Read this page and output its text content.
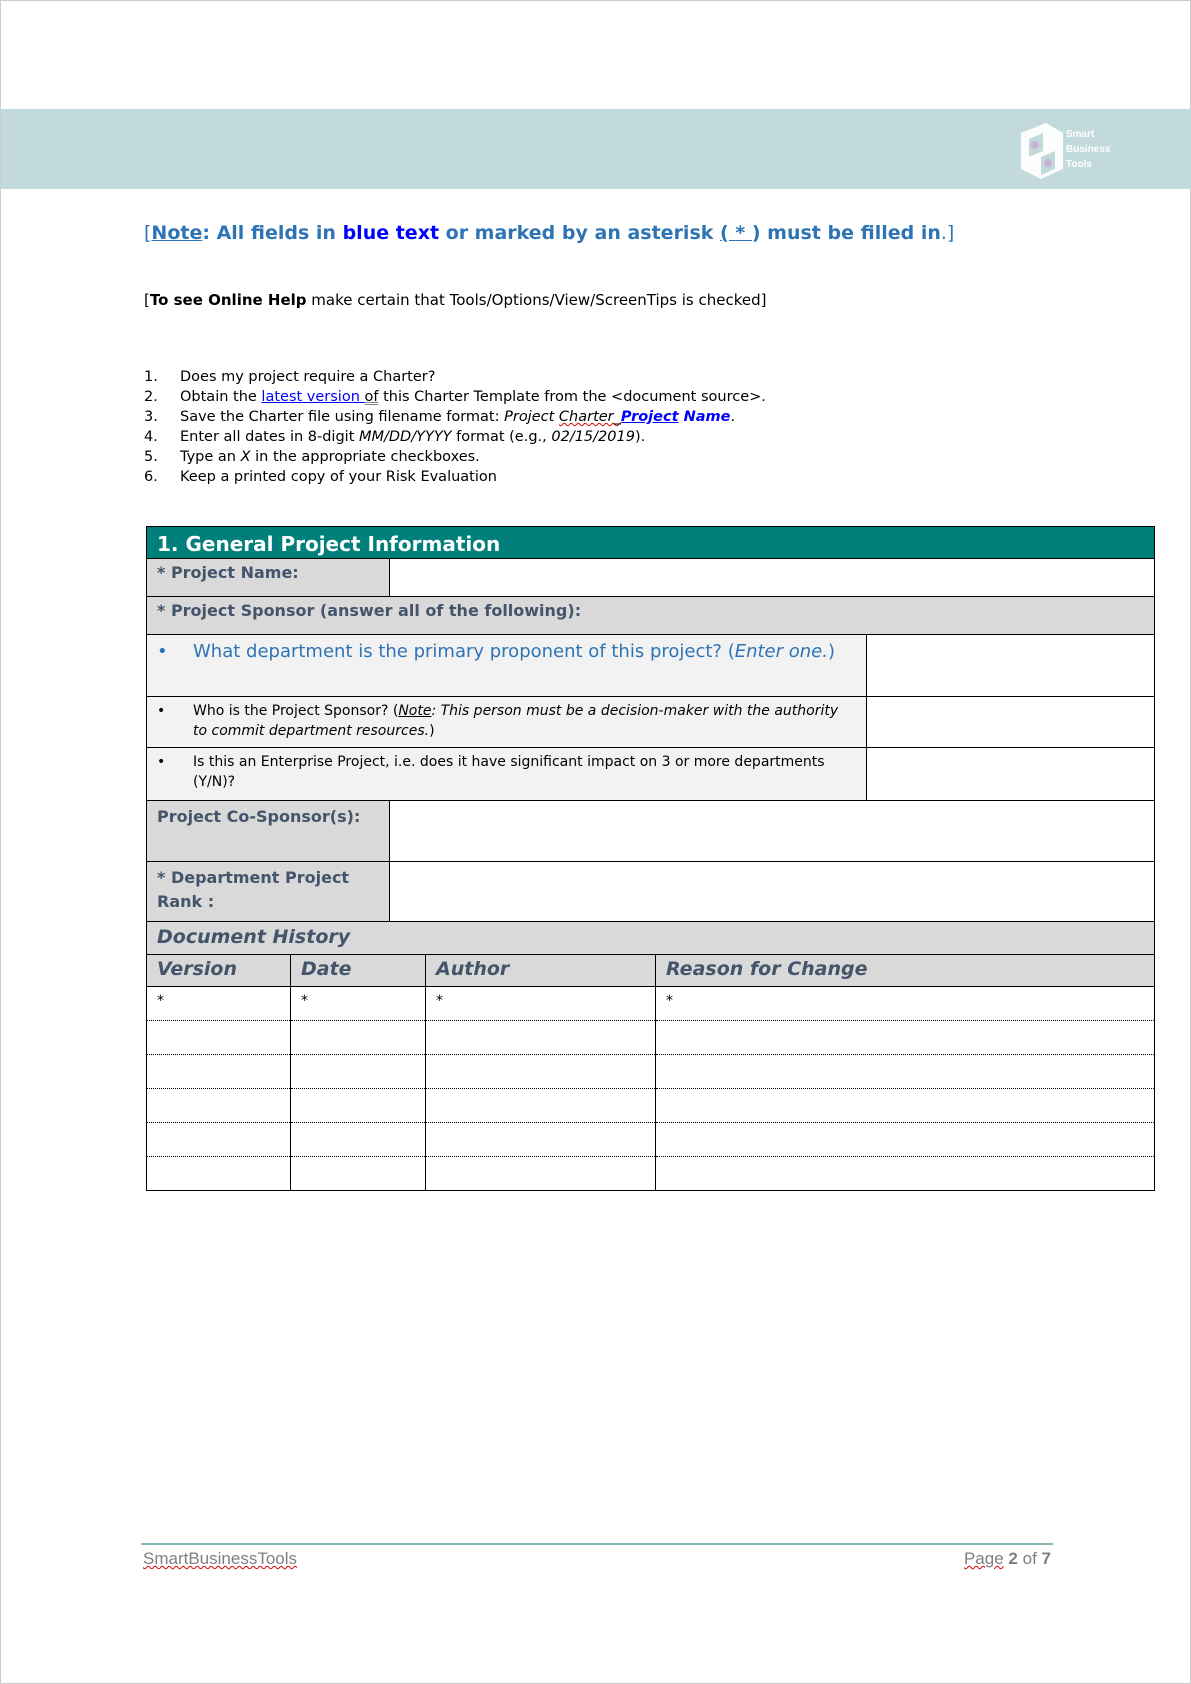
Smart
Business
Tools
[Note: All fields in blue text or marked by an asterisk ( * ) must be filled in.]
[To see Online Help make certain that Tools/Options/View/ScreenTips is checked]
1. Does my project require a Charter?
2. Obtain the latest version of this Charter Template from the <document source>.
3. Save the Charter file using filename format: Project Charter_Project Name.
4. Enter all dates in 8-digit MM/DD/YYYY format (e.g., 02/15/2019).
5. Type an X in the appropriate checkboxes.
6. Keep a printed copy of your Risk Evaluation
1. General Project Information		
* Project Name:		
* Project Sponsor (answer all of the following):		
• What department is the primary proponent of this project? (Enter one.)		
• Who is the Project Sponsor? (Note: This person must be a decision-maker with the authority to commit department resources.)		
• Is this an Enterprise Project, i.e. does it have significant impact on 3 or more departments (Y/N)?		
Project Co-Sponsor(s):		
* Department Project Rank :		
Document History		
Version	Date	Author	Reason for Change
*	*	*	*

SmartBusinessTools	Page 2 of 7
